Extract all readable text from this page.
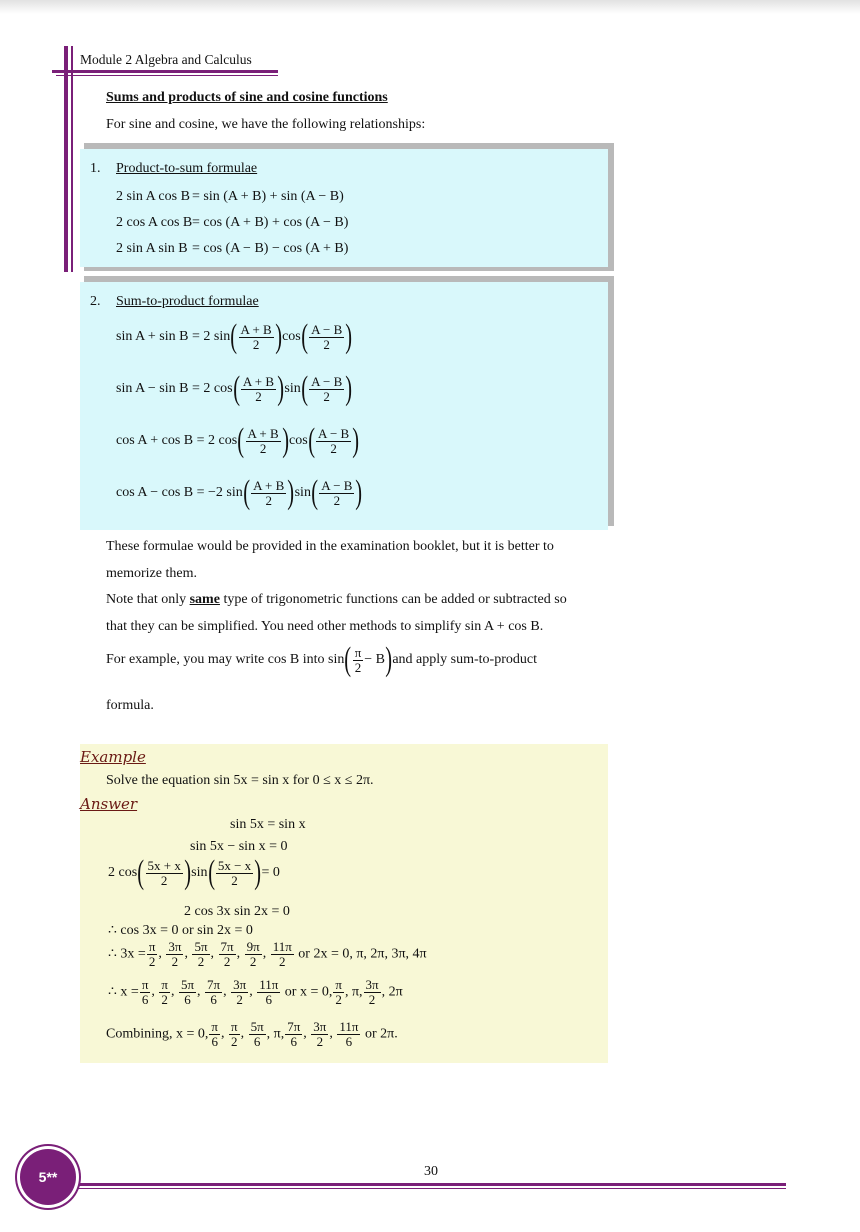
Module 2 Algebra and Calculus
Sums and products of sine and cosine functions
For sine and cosine, we have the following relationships:
1. Product-to-sum formulae
2 sin A cos B = sin (A + B) + sin (A − B)
2 cos A cos B = cos (A + B) + cos (A − B)
2 sin A sin B = cos (A − B) − cos (A + B)
2. Sum-to-product formulae
sin A + sin B = 2 $\sin( \frac{A + B}{2} )\cos( \frac{A - B}{2}$ )
sin A − sin B = 2 $\cos( \frac{A + B}{2} )\sin( \frac{A - B}{2}$ )
cos A + cos B = 2 $\cos( \frac{A + B}{2} )\cos( \frac{A - B}{2}$ )
cos A − cos B = −2 $\sin( \frac{A + B}{2} )\sin( \frac{A - B}{2}$ )
These formulae would be provided in the examination booklet, but it is better to
memorize them.
Note that only same type of trigonometric functions can be added or subtracted so
that they can be simplified. You need other methods to simplify sin A + cos B.
For example, you may write cos B into $\sin( \frac{\pi}{2} - B)and$ apply sum-to-product
formula.
Example
Solve the equation sin 5x = sin x for 0 ≤ x ≤ 2π.
Answer
sin 5x = sin x
sin 5x − sin x = 0
2 $\cos( \frac{5x + x}{2} )\sin( \frac{5x - x}{2}$ )= 0
2 cos 3x sin 2x = 0
∴ cos 3x = 0 or sin 2x = 0
∴ $3x = \frac{\pi}{2}$ , $\frac{3\pi}{2}$ , $\frac{5\pi}{2}$ , $\frac{7\pi}{2}$ , $\frac{9\pi}{2}$ , $\frac{11\pi}{2}$ or 2x = 0, π, 2π, 3π, 4π
∴ $x = \frac{\pi}{6}$ , $\frac{\pi}{2}$ , $\frac{5\pi}{6}$ , $\frac{7\pi}{6}$ , $\frac{3\pi}{2}$ , $\frac{11\pi}{6}$ or x = 0, $\frac{\pi}{2}$ , π, $\frac{3\pi}{2}$ , 2π
Combining, x = 0, $\frac{\pi}{6}$ , $\frac{\pi}{2}$ , $\frac{5\pi}{6}$ , π, $\frac{7\pi}{6}$ , $\frac{3\pi}{2}$ , $\frac{11\pi}{6}$ or 2π.
5**	30
